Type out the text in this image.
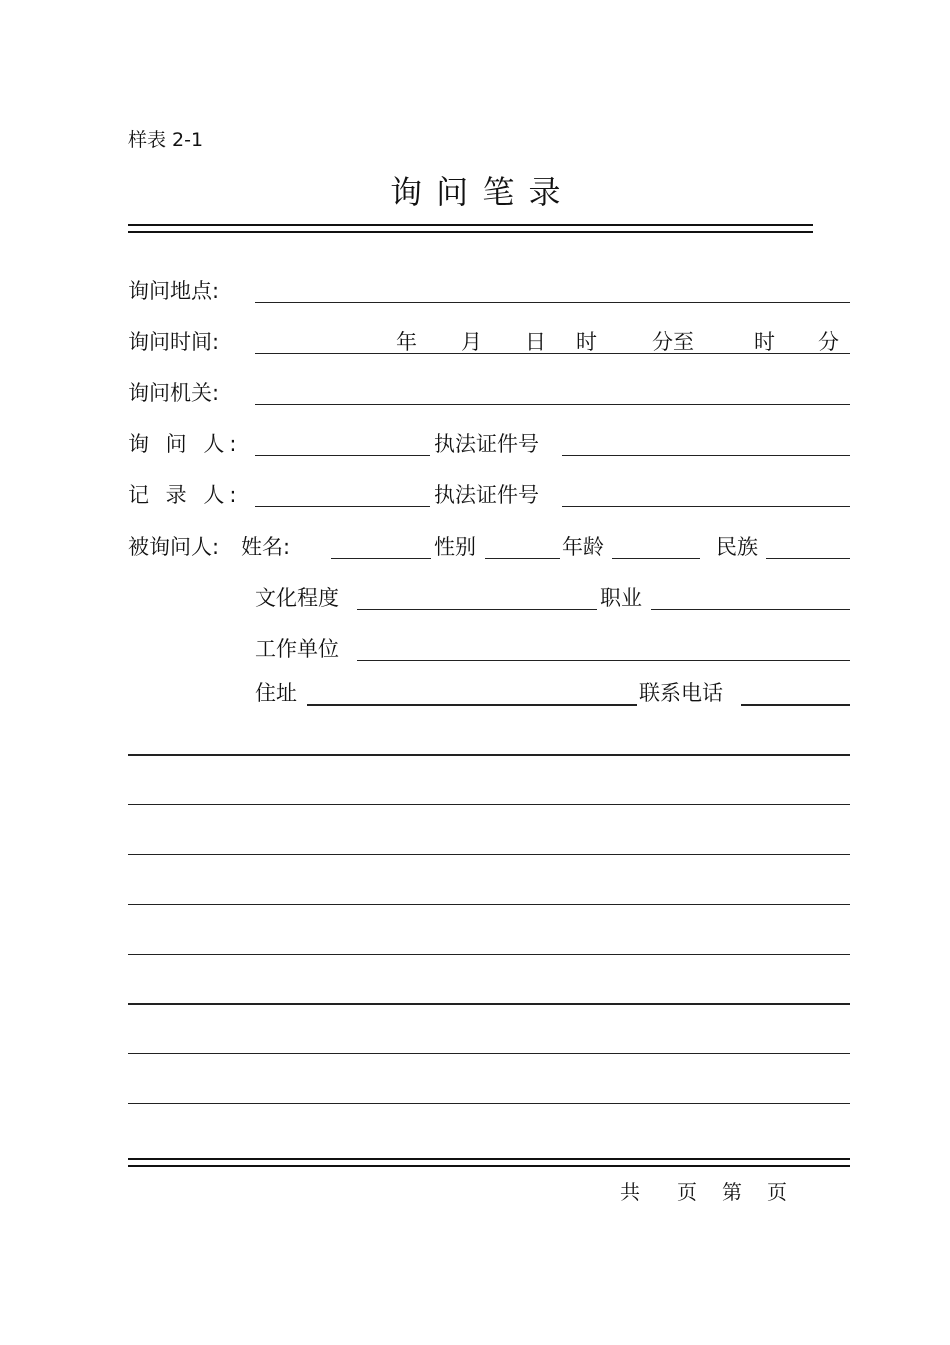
样表 2-1
询 问 笔 录
询问地点:
询问时间:	年 月 日 时	分至	时 分
询问机关:
询 问 人:	执法证件号
记 录 人:	执法证件号
被询问人: 姓名:	性别	年龄	民族
文化程度	职业
工作单位
住址	联系电话
共 页 第 页
